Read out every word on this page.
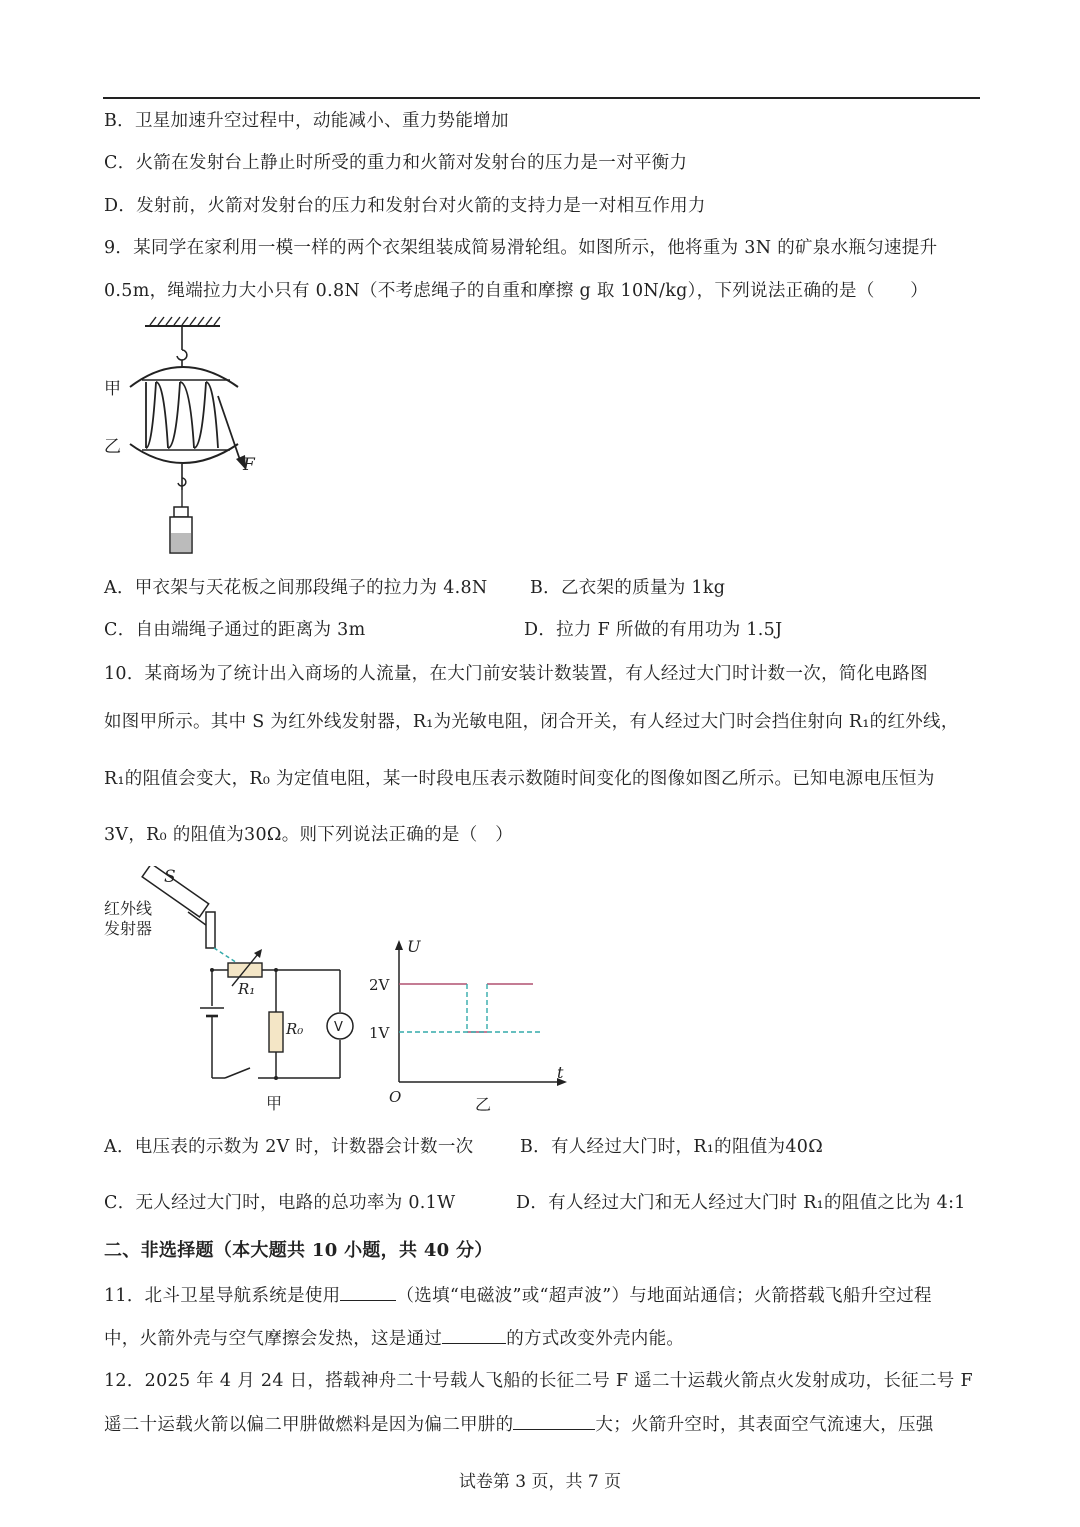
B．卫星加速升空过程中，动能减小、重力势能增加
C．火箭在发射台上静止时所受的重力和火箭对发射台的压力是一对平衡力
D．发射前，火箭对发射台的压力和发射台对火箭的支持力是一对相互作用力
9．某同学在家利用一模一样的两个衣架组装成简易滑轮组。如图所示，他将重为 3N 的矿泉水瓶匀速提升
0.5m，绳端拉力大小只有 0.8N（不考虑绳子的自重和摩擦 g 取 10N/kg），下列说法正确的是（　　）
甲
乙
F
A．甲衣架与天花板之间那段绳子的拉力为 4.8N B．乙衣架的质量为 1kg
C．自由端绳子通过的距离为 3m	D．拉力 F 所做的有用功为 1.5J
10．某商场为了统计出入商场的人流量，在大门前安装计数装置，有人经过大门时计数一次，简化电路图
如图甲所示。其中 S 为红外线发射器，R₁为光敏电阻，闭合开关，有人经过大门时会挡住射向 R₁的红外线，
R₁的阻值会变大，R₀ 为定值电阻，某一时段电压表示数随时间变化的图像如图乙所示。已知电源电压恒为
3V，R₀ 的阻值为30Ω。则下列说法正确的是（　）
S
红外线
发射器
R₁
R₀ V
甲
U
t
O
2V
1V
乙
A．电压表的示数为 2V 时，计数器会计数一次	B．有人经过大门时，R₁的阻值为40Ω
C．无人经过大门时，电路的总功率为 0.1W	D．有人经过大门和无人经过大门时 R₁的阻值之比为 4:1
二、非选择题（本大题共 10 小题，共 40 分）
11．北斗卫星导航系统是使用	（选填“电磁波”或“超声波”）与地面站通信；火箭搭载飞船升空过程
中，火箭外壳与空气摩擦会发热，这是通过	的方式改变外壳内能。
12．2025 年 4 月 24 日，搭载神舟二十号载人飞船的长征二号 F 遥二十运载火箭点火发射成功，长征二号 F
遥二十运载火箭以偏二甲肼做燃料是因为偏二甲肼的	大；火箭升空时，其表面空气流速大，压强
试卷第 3 页，共 7 页
